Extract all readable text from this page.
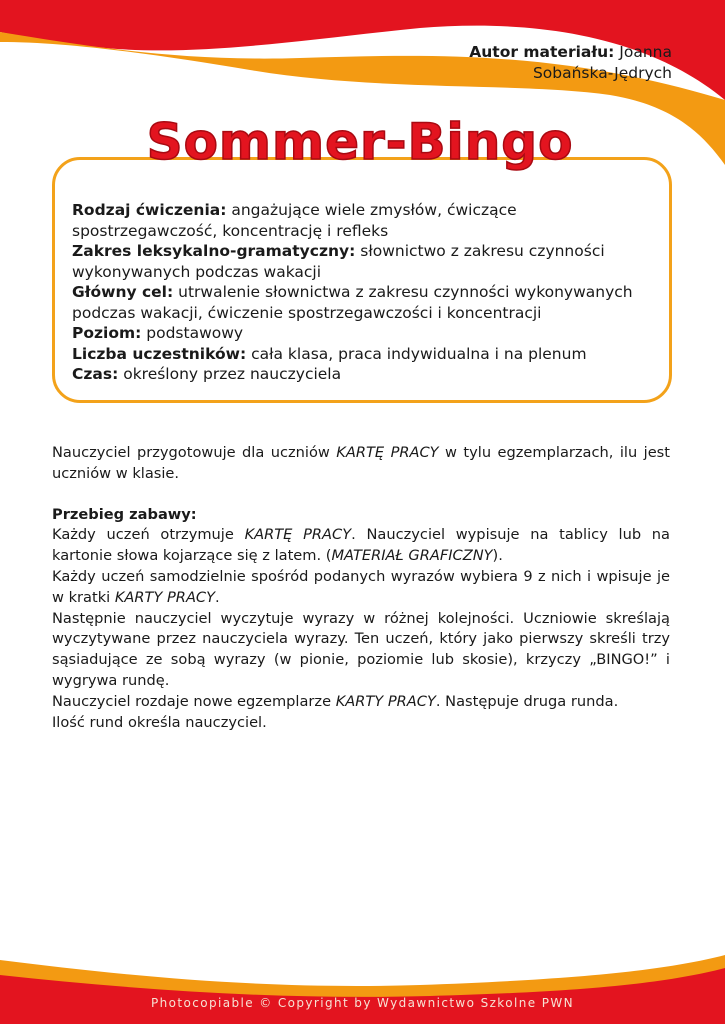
Autor materiału: Joanna
Sobańska-Jędrych
Sommer-Bingo
Rodzaj ćwiczenia: angażujące wiele zmysłów, ćwiczące spostrzegawczość, koncentrację i refleks
Zakres leksykalno-gramatyczny: słownictwo z zakresu czynności wykonywanych podczas wakacji
Główny cel: utrwalenie słownictwa z zakresu czynności wykonywanych podczas wakacji, ćwiczenie spostrzegawczości i koncentracji
Poziom: podstawowy
Liczba uczestników: cała klasa, praca indywidualna i na plenum
Czas: określony przez nauczyciela

Nauczyciel przygotowuje dla uczniów KARTĘ PRACY w tylu egzemplarzach, ilu jest uczniów w klasie.

Przebieg zabawy:

Każdy uczeń otrzymuje KARTĘ PRACY. Nauczyciel wypisuje na tablicy lub na kartonie słowa kojarzące się z latem. (MATERIAŁ GRAFICZNY).

Każdy uczeń samodzielnie spośród podanych wyrazów wybiera 9 z nich i wpisuje je w kratki KARTY PRACY.

Następnie nauczyciel wyczytuje wyrazy w różnej kolejności. Uczniowie skreślają wyczytywane przez nauczyciela wyrazy. Ten uczeń, który jako pierwszy skreśli trzy sąsiadujące ze sobą wyrazy (w pionie, poziomie lub skosie), krzyczy „BINGO!” i wygrywa rundę.

Nauczyciel rozdaje nowe egzemplarze KARTY PRACY. Następuje druga runda.

Ilość rund określa nauczyciel.

Photocopiable © Copyright by Wydawnictwo Szkolne PWN
